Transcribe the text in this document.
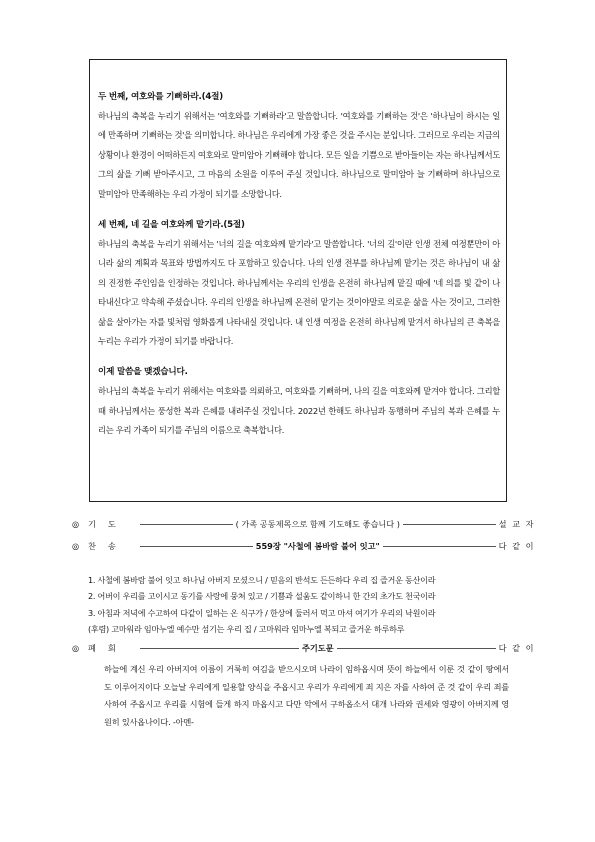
두 번째, 여호와를 기뻐하라.(4절)
하나님의 축복을 누리기 위해서는 '여호와를 기뻐하라'고 말씀합니다. '여호와를 기뻐하는 것'은 '하나님이 하시는 일에 만족하며 기뻐하는 것'을 의미합니다. 하나님은 우리에게 가장 좋은 것을 주시는 분입니다. 그러므로 우리는 지금의 상황이나 환경이 어떠하든지 여호와로 말미암아 기뻐해야 합니다. 모든 일을 기쁨으로 받아들이는 자는 하나님께서도 그의 삶을 기뻐 받아주시고, 그 마음의 소원을 이루어 주실 것입니다. 하나님으로 말미암아 늘 기뻐하며 하나님으로 말미암아 만족해하는 우리 가정이 되기를 소망합니다.
세 번째, 네 길을 여호와께 맡기라.(5절)
하나님의 축복을 누리기 위해서는 '너의 길을 여호와께 맡기라'고 말씀합니다. '너의 길'이란 인생 전체 여정뿐만이 아니라 삶의 계획과 목표와 방법까지도 다 포함하고 있습니다. 나의 인생 전부를 하나님께 맡기는 것은 하나님이 내 삶의 진정한 주인임을 인정하는 것입니다. 하나님께서는 우리의 인생을 온전히 하나님께 맡길 때에 '네 의를 빛 같이 나타내신다'고 약속해 주셨습니다. 우리의 인생을 하나님께 온전히 맡기는 것이야말로 의로운 삶을 사는 것이고, 그러한 삶을 살아가는 자를 빛처럼 영화롭게 나타내실 것입니다. 내 인생 여정을 온전히 하나님께 맡겨서 하나님의 큰 축복을 누리는 우리가 가정이 되기를 바랍니다.
이제 말씀을 맺겠습니다.
하나님의 축복을 누리기 위해서는 여호와를 의뢰하고, 여호와를 기뻐하며, 나의 길을 여호와께 맡겨야 합니다. 그리할 때 하나님께서는 풍성한 복과 은혜를 내려주실 것입니다. 2022년 한해도 하나님과 동행하며 주님의 복과 은혜를 누리는 우리 가족이 되기를 주님의 이름으로 축복합니다.
◎	기도	( 가족 공동제목으로 함께 기도해도 좋습니다 )	설 교 자
◎	찬송	559장 "사철에 봄바람 불어 잇고"	다 같 이
1. 사철에 봄바람 불어 잇고 하나님 아버지 모셨으니 / 믿음의 반석도 든든하다 우리 집 즐거운 동산이라
2. 어버이 우리를 고이시고 동기를 사랑에 뭉쳐 있고 / 기쁨과 설움도 같이하니 한 간의 초가도 천국이라
3. 아침과 저녁에 수고하여 다같이 일하는 온 식구가 / 한상에 둘러서 먹고 마셔 여기가 우리의 낙원이라
(후렴) 고마워라 임마누엘 예수만 섬기는 우리 집 / 고마워라 임마누엘 복되고 즐거운 하루하루
◎	폐회	주기도문	다 같 이
하늘에 계신 우리 아버지여 이름이 거룩히 여김을 받으시오며 나라이 임하옵시며 뜻이 하늘에서 이룬 것 같이 땅에서도 이루어지이다 오늘날 우리에게 일용할 양식을 주옵시고 우리가 우리에게 죄 지은 자를 사하여 준 것 같이 우리 죄를 사하여 주옵시고 우리를 시험에 들게 하지 마옵시고 다만 악에서 구하옵소서 대개 나라와 권세와 영광이 아버지께 영원히 있사옵나이다. -아멘-
